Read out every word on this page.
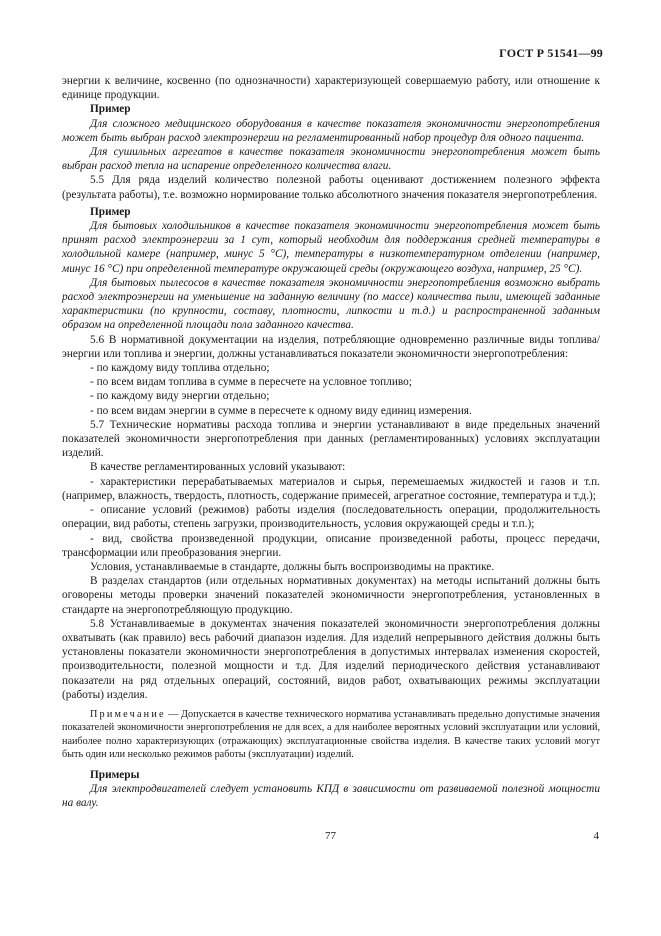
ГОСТ Р 51541—99

энергии к величине, косвенно (по однозначности) характеризующей совершаемую работу, или отношение к единице продукции.

Пример

Для сложного медицинского оборудования в качестве показателя экономичности энергопотребления может быть выбран расход электроэнергии на регламентированный набор процедур для одного пациента.

Для сушильных агрегатов в качестве показателя экономичности энергопотребления может быть выбран расход тепла на испарение определенного количества влаги.

5.5 Для ряда изделий количество полезной работы оценивают достижением полезного эффекта (результата работы), т.е. возможно нормирование только абсолютного значения показателя энергопотребления.

Пример

Для бытовых холодильников в качестве показателя экономичности энергопотребления может быть принят расход электроэнергии за 1 сут, который необходим для поддержания средней температуры в холодильной камере (например, минус 5 °С), температуры в низкотемпературном отделении (например, минус 16 °С) при определенной температуре окружающей среды (окружающего воздуха, например, 25 °С).

Для бытовых пылесосов в качестве показателя экономичности энергопотребления возможно выбрать расход электроэнергии на уменьшение на заданную величину (по массе) количества пыли, имеющей заданные характеристики (по крупности, составу, плотности, липкости и т.д.) и распространенной заданным образом на определенной площади пола заданного качества.

5.6 В нормативной документации на изделия, потребляющие одновременно различные виды топлива/энергии или топлива и энергии, должны устанавливаться показатели экономичности энергопотребления:

- по каждому виду топлива отдельно;

- по всем видам топлива в сумме в пересчете на условное топливо;

- по каждому виду энергии отдельно;

- по всем видам энергии в сумме в пересчете к одному виду единиц измерения.

5.7 Технические нормативы расхода топлива и энергии устанавливают в виде предельных значений показателей экономичности энергопотребления при данных (регламентированных) условиях эксплуатации изделий.

В качестве регламентированных условий указывают:

- характеристики перерабатываемых материалов и сырья, перемешаемых жидкостей и газов и т.п. (например, влажность, твердость, плотность, содержание примесей, агрегатное состояние, температура и т.д.);

- описание условий (режимов) работы изделия (последовательность операции, продолжительность операции, вид работы, степень загрузки, производительность, условия окружающей среды и т.п.);

- вид, свойства произведенной продукции, описание произведенной работы, процесс передачи, трансформации или преобразования энергии.

Условия, устанавливаемые в стандарте, должны быть воспроизводимы на практике.

В разделах стандартов (или отдельных нормативных документах) на методы испытаний должны быть оговорены методы проверки значений показателей экономичности энергопотребления, установленных в стандарте на энергопотребляющую продукцию.

5.8 Устанавливаемые в документах значения показателей экономичности энергопотребления должны охватывать (как правило) весь рабочий диапазон изделия. Для изделий непрерывного действия должны быть установлены показатели экономичности энергопотребления в допустимых интервалах изменения скоростей, производительности, полезной мощности и т.д. Для изделий периодического действия устанавливают показатели на ряд отдельных операций, состояний, видов работ, охватывающих режимы эксплуатации (работы) изделия.

Примечание — Допускается в качестве технического норматива устанавливать предельно допустимые значения показателей экономичности энергопотребления не для всех, а для наиболее вероятных условий эксплуатации или условий, наиболее полно характеризующих (отражающих) эксплуатационные свойства изделия. В качестве таких условий могут быть один или несколько режимов работы (эксплуатации) изделий.

Примеры

Для электродвигателей следует установить КПД в зависимости от развиваемой полезной мощности на валу.

77	4
